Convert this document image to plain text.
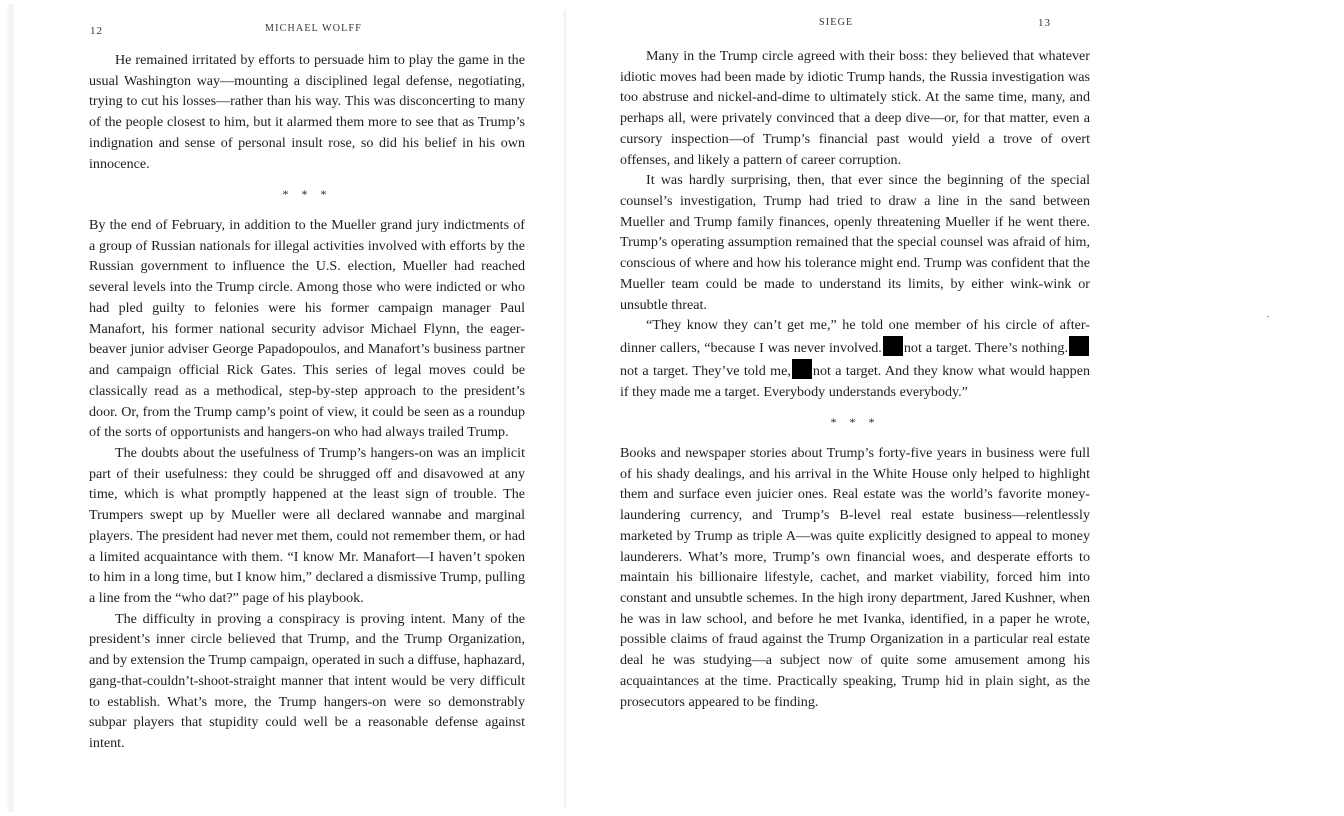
12	MICHAEL WOLFF

He remained irritated by efforts to persuade him to play the game in the usual Washington way—mounting a disciplined legal defense, negotiating, trying to cut his losses—rather than his way. This was disconcerting to many of the people closest to him, but it alarmed them more to see that as Trump’s indignation and sense of personal insult rose, so did his belief in his own innocence.

* * *

By the end of February, in addition to the Mueller grand jury indictments of a group of Russian nationals for illegal activities involved with efforts by the Russian government to influence the U.S. election, Mueller had reached several levels into the Trump circle. Among those who were indicted or who had pled guilty to felonies were his former campaign manager Paul Manafort, his former national security advisor Michael Flynn, the eager-beaver junior adviser George Papadopoulos, and Manafort’s business partner and campaign official Rick Gates. This series of legal moves could be classically read as a methodical, step-by-step approach to the president’s door. Or, from the Trump camp’s point of view, it could be seen as a roundup of the sorts of opportunists and hangers-on who had always trailed Trump.

The doubts about the usefulness of Trump’s hangers-on was an implicit part of their usefulness: they could be shrugged off and disavowed at any time, which is what promptly happened at the least sign of trouble. The Trumpers swept up by Mueller were all declared wannabe and marginal players. The president had never met them, could not remember them, or had a limited acquaintance with them. “I know Mr. Manafort—I haven’t spoken to him in a long time, but I know him,” declared a dismissive Trump, pulling a line from the “who dat?” page of his playbook.

The difficulty in proving a conspiracy is proving intent. Many of the president’s inner circle believed that Trump, and the Trump Organization, and by extension the Trump campaign, operated in such a diffuse, haphazard, gang-that-couldn’t-shoot-straight manner that intent would be very difficult to establish. What’s more, the Trump hangers-on were so demonstrably subpar players that stupidity could well be a reasonable defense against intent.

SIEGE	13

Many in the Trump circle agreed with their boss: they believed that whatever idiotic moves had been made by idiotic Trump hands, the Russia investigation was too abstruse and nickel-and-dime to ultimately stick. At the same time, many, and perhaps all, were privately convinced that a deep dive—or, for that matter, even a cursory inspection—of Trump’s financial past would yield a trove of overt offenses, and likely a pattern of career corruption.

It was hardly surprising, then, that ever since the beginning of the special counsel’s investigation, Trump had tried to draw a line in the sand between Mueller and Trump family finances, openly threatening Mueller if he went there. Trump’s operating assumption remained that the special counsel was afraid of him, conscious of where and how his tolerance might end. Trump was confident that the Mueller team could be made to understand its limits, by either wink-wink or unsubtle threat.

“They know they can’t get me,” he told one member of his circle of after-dinner callers, “because I was never involved. not a target. There’s nothing.not a target. They’ve told me, not a target. And they know what would happen if they made me a target. Everybody understands everybody.”

* * *

Books and newspaper stories about Trump’s forty-five years in business were full of his shady dealings, and his arrival in the White House only helped to highlight them and surface even juicier ones. Real estate was the world’s favorite money-laundering currency, and Trump’s B-level real estate business—relentlessly marketed by Trump as triple A—was quite explicitly designed to appeal to money launderers. What’s more, Trump’s own financial woes, and desperate efforts to maintain his billionaire lifestyle, cachet, and market viability, forced him into constant and unsubtle schemes. In the high irony department, Jared Kushner, when he was in law school, and before he met Ivanka, identified, in a paper he wrote, possible claims of fraud against the Trump Organization in a particular real estate deal he was studying—a subject now of quite some amusement among his acquaintances at the time. Practically speaking, Trump hid in plain sight, as the prosecutors appeared to be finding.
